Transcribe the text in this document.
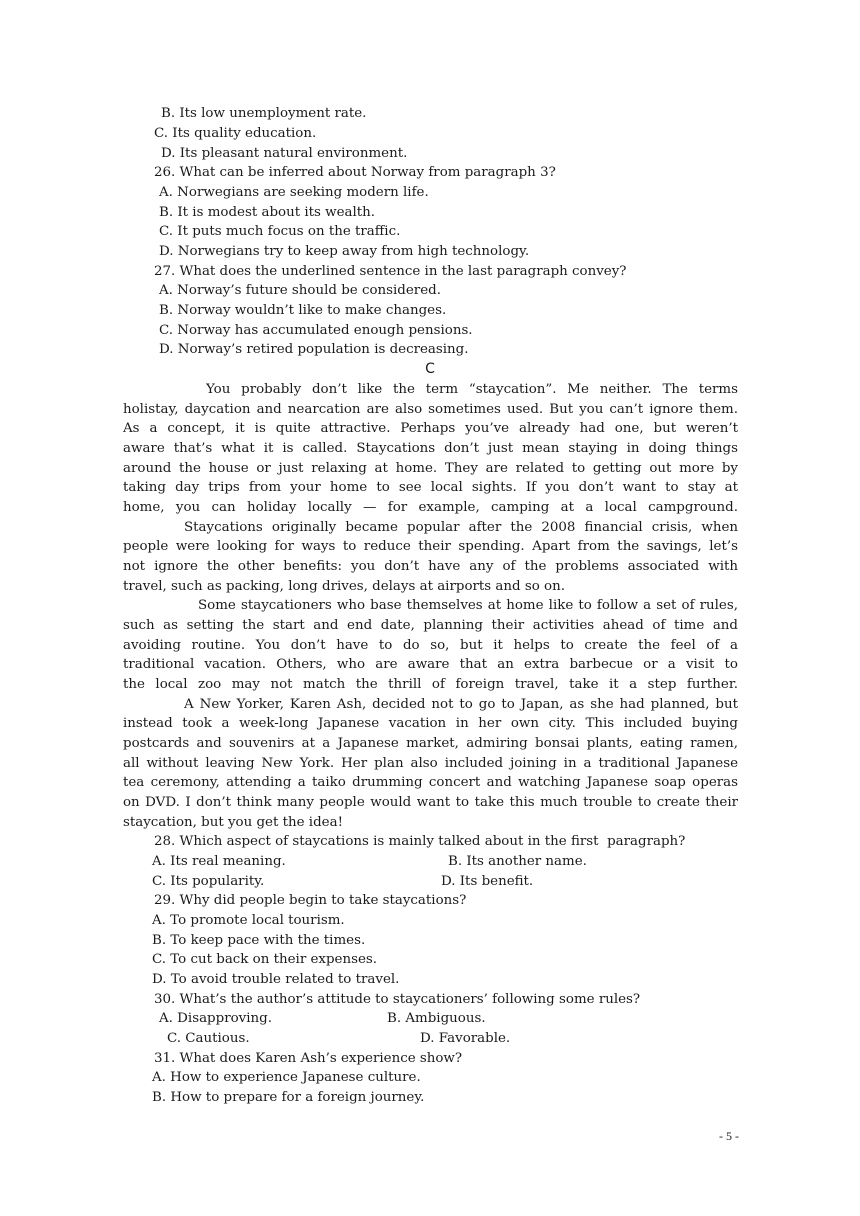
B. Its low unemployment rate.
C. Its quality education.
D. Its pleasant natural environment.
26. What can be inferred about Norway from paragraph 3?
A. Norwegians are seeking modern life.
B. It is modest about its wealth.
C. It puts much focus on the traffic.
D. Norwegians try to keep away from high technology.
27. What does the underlined sentence in the last paragraph convey?
A. Norway’s future should be considered.
B. Norway wouldn’t like to make changes.
C. Norway has accumulated enough pensions.
D. Norway’s retired population is decreasing.
C
You probably don’t like the term “staycation”. Me neither. The terms
holistay, daycation and nearcation are also sometimes used. But you can’t ignore them.
As a concept, it is quite attractive. Perhaps you’ve already had one, but weren’t
aware that’s what it is called. Staycations don’t just mean staying in doing things
around the house or just relaxing at home. They are related to getting out more by
taking day trips from your home to see local sights. If you don’t want to stay at
home, you can holiday locally — for example, camping at a local campground.
Staycations originally became popular after the 2008 financial crisis, when
people were looking for ways to reduce their spending. Apart from the savings, let’s
not ignore the other benefits: you don’t have any of the problems associated with
travel, such as packing, long drives, delays at airports and so on.
Some staycationers who base themselves at home like to follow a set of rules,
such as setting the start and end date, planning their activities ahead of time and
avoiding routine. You don’t have to do so, but it helps to create the feel of a
traditional vacation. Others, who are aware that an extra barbecue or a visit to
the local zoo may not match the thrill of foreign travel, take it a step further.
A New Yorker, Karen Ash, decided not to go to Japan, as she had planned, but
instead took a week-long Japanese vacation in her own city. This included buying
postcards and souvenirs at a Japanese market, admiring bonsai plants, eating ramen,
all without leaving New York. Her plan also included joining in a traditional Japanese
tea ceremony, attending a taiko drumming concert and watching Japanese soap operas
on DVD. I don’t think many people would want to take this much trouble to create their
staycation, but you get the idea!
28. Which aspect of staycations is mainly talked about in the first  paragraph?
A. Its real meaning.	B. Its another name.
C. Its popularity.	D. Its benefit.
29. Why did people begin to take staycations?
A. To promote local tourism.
B. To keep pace with the times.
C. To cut back on their expenses.
D. To avoid trouble related to travel.
30. What’s the author’s attitude to staycationers’ following some rules?
A. Disapproving.	B. Ambiguous.
C. Cautious.	D. Favorable.
31. What does Karen Ash’s experience show?
A. How to experience Japanese culture.
B. How to prepare for a foreign journey.
- 5 -
